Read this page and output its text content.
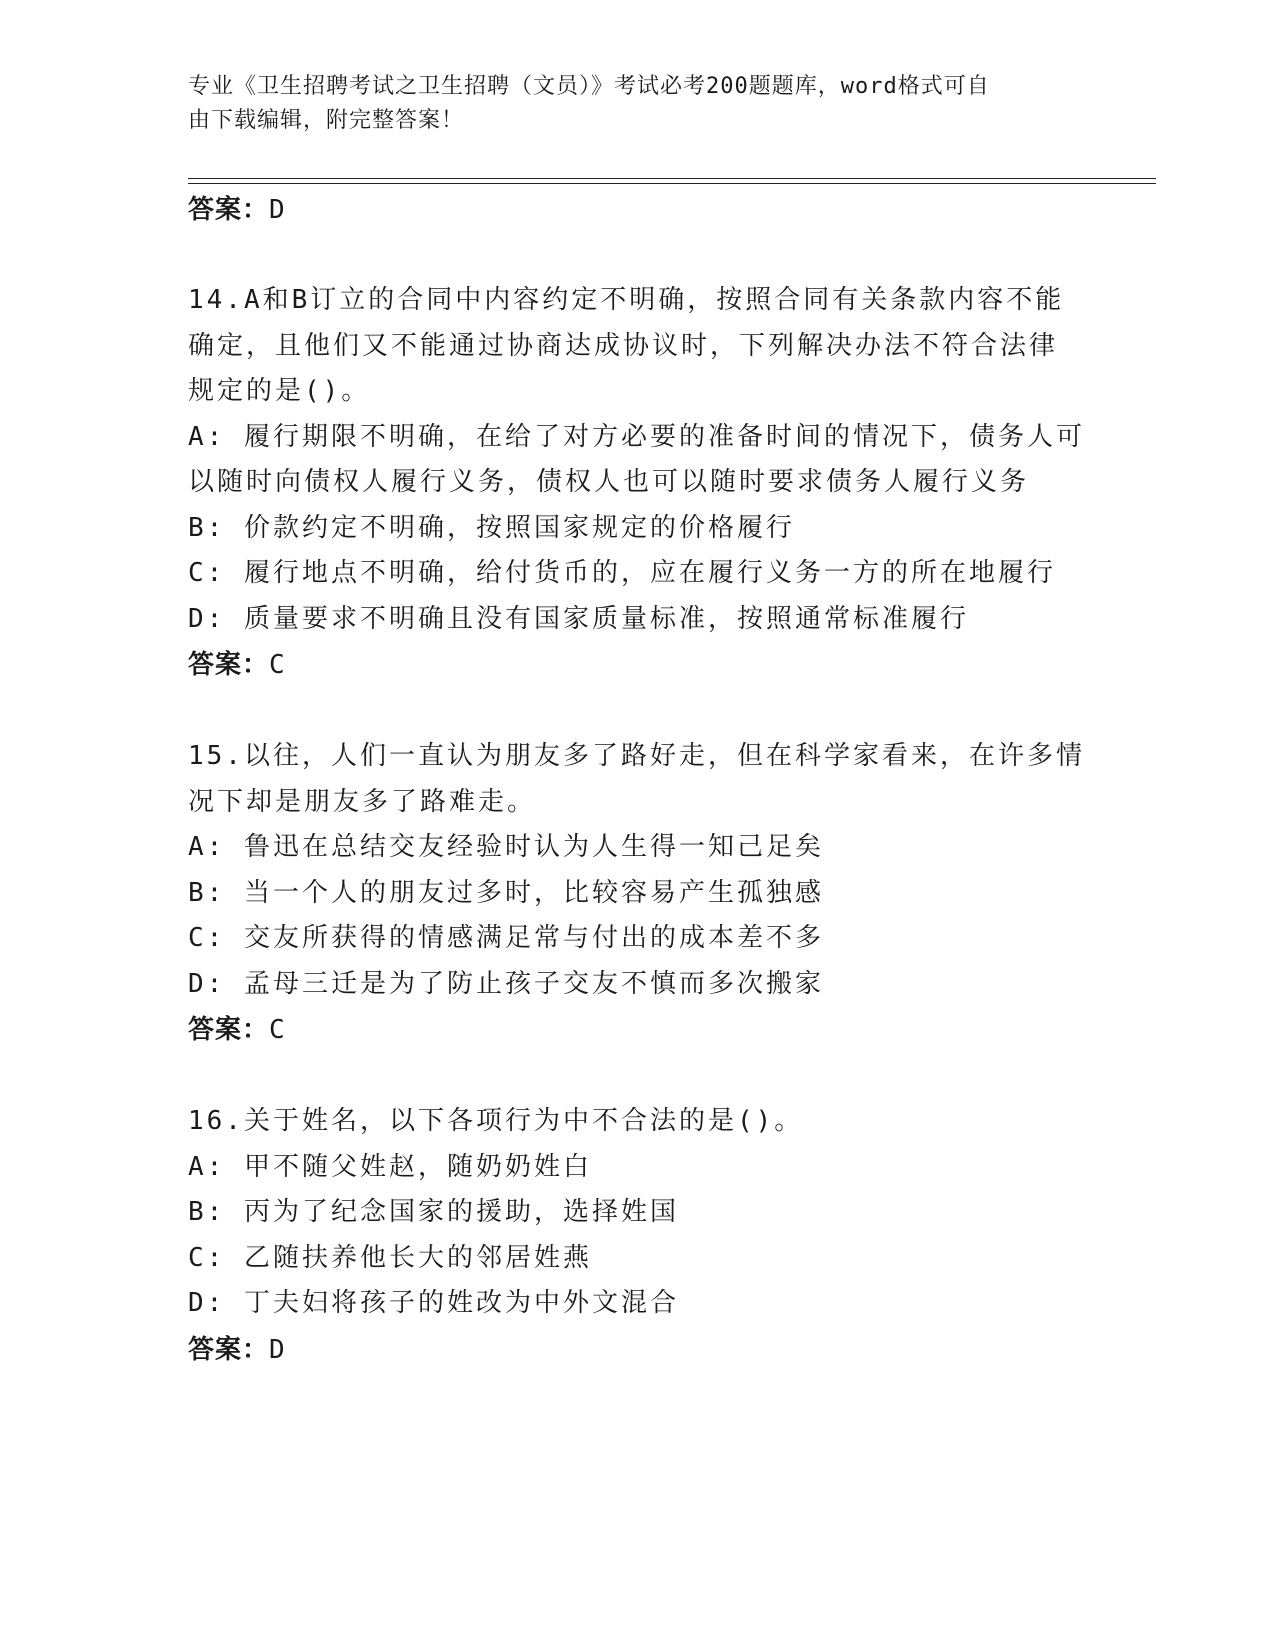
专业《卫生招聘考试之卫生招聘（文员）》考试必考200题题库，word格式可自
由下载编辑，附完整答案！
答案：D
14.A和B订立的合同中内容约定不明确，按照合同有关条款内容不能
确定，且他们又不能通过协商达成协议时，下列解决办法不符合法律
规定的是()。
A: 履行期限不明确，在给了对方必要的准备时间的情况下，债务人可
以随时向债权人履行义务，债权人也可以随时要求债务人履行义务
B: 价款约定不明确，按照国家规定的价格履行
C: 履行地点不明确，给付货币的，应在履行义务一方的所在地履行
D: 质量要求不明确且没有国家质量标准，按照通常标准履行
答案：C
15.以往，人们一直认为朋友多了路好走，但在科学家看来，在许多情
况下却是朋友多了路难走。
A: 鲁迅在总结交友经验时认为人生得一知己足矣
B: 当一个人的朋友过多时，比较容易产生孤独感
C: 交友所获得的情感满足常与付出的成本差不多
D: 孟母三迁是为了防止孩子交友不慎而多次搬家
答案：C
16.关于姓名，以下各项行为中不合法的是()。
A: 甲不随父姓赵，随奶奶姓白
B: 丙为了纪念国家的援助，选择姓国
C: 乙随扶养他长大的邻居姓燕
D: 丁夫妇将孩子的姓改为中外文混合
答案：D
